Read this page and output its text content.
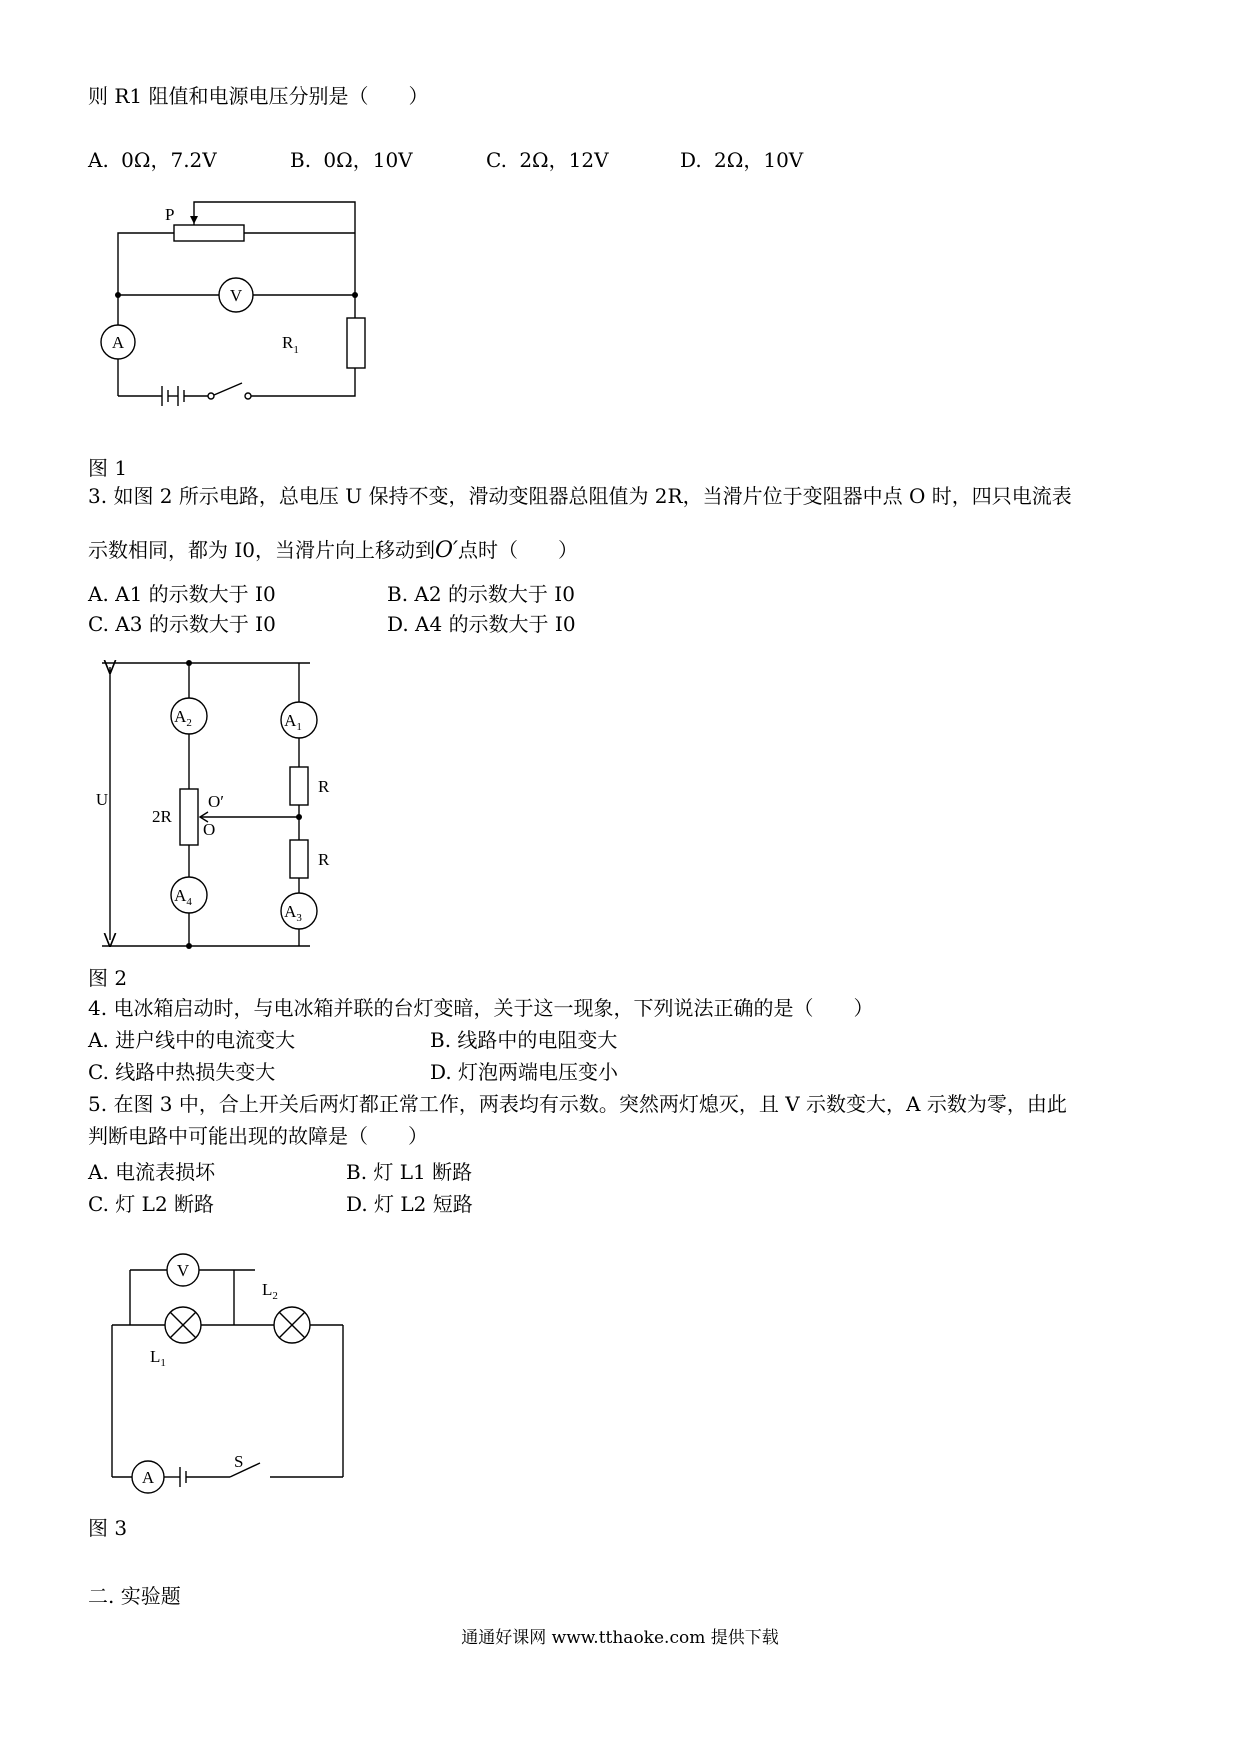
则 R1 阻值和电源电压分别是（　　）
A. 0Ω，7.2V	B. 0Ω，10V	C. 2Ω，12V	D. 2Ω，10V
V
A	$R_1$
P
图 1
3. 如图 2 所示电路，总电压 U 保持不变，滑动变阻器总阻值为 2R，当滑片位于变阻器中点 O 时，四只电流表
示数相同，都为 I0，当滑片向上移动到O′点时（　　）
A. A1 的示数大于 I0	B. A2 的示数大于 I0
C. A3 的示数大于 I0	D. A4 的示数大于 I0
U
$A_2$
2R
$A_4$
O′
O
$A_1$
R
R
$A_3$
图 2
4. 电冰箱启动时，与电冰箱并联的台灯变暗，关于这一现象，下列说法正确的是（　　）
A. 进户线中的电流变大	B. 线路中的电阻变大
C. 线路中热损失变大	D. 灯泡两端电压变小
5. 在图 3 中，合上开关后两灯都正常工作，两表均有示数。突然两灯熄灭，且 V 示数变大，A 示数为零，由此
判断电路中可能出现的故障是（　　）
A. 电流表损坏	B. 灯 L1 断路
C. 灯 L2 断路	D. 灯 L2 短路
V
$L_1$
$L_2$
A
S
图 3
二. 实验题
通通好课网 www.tthaoke.com 提供下载
